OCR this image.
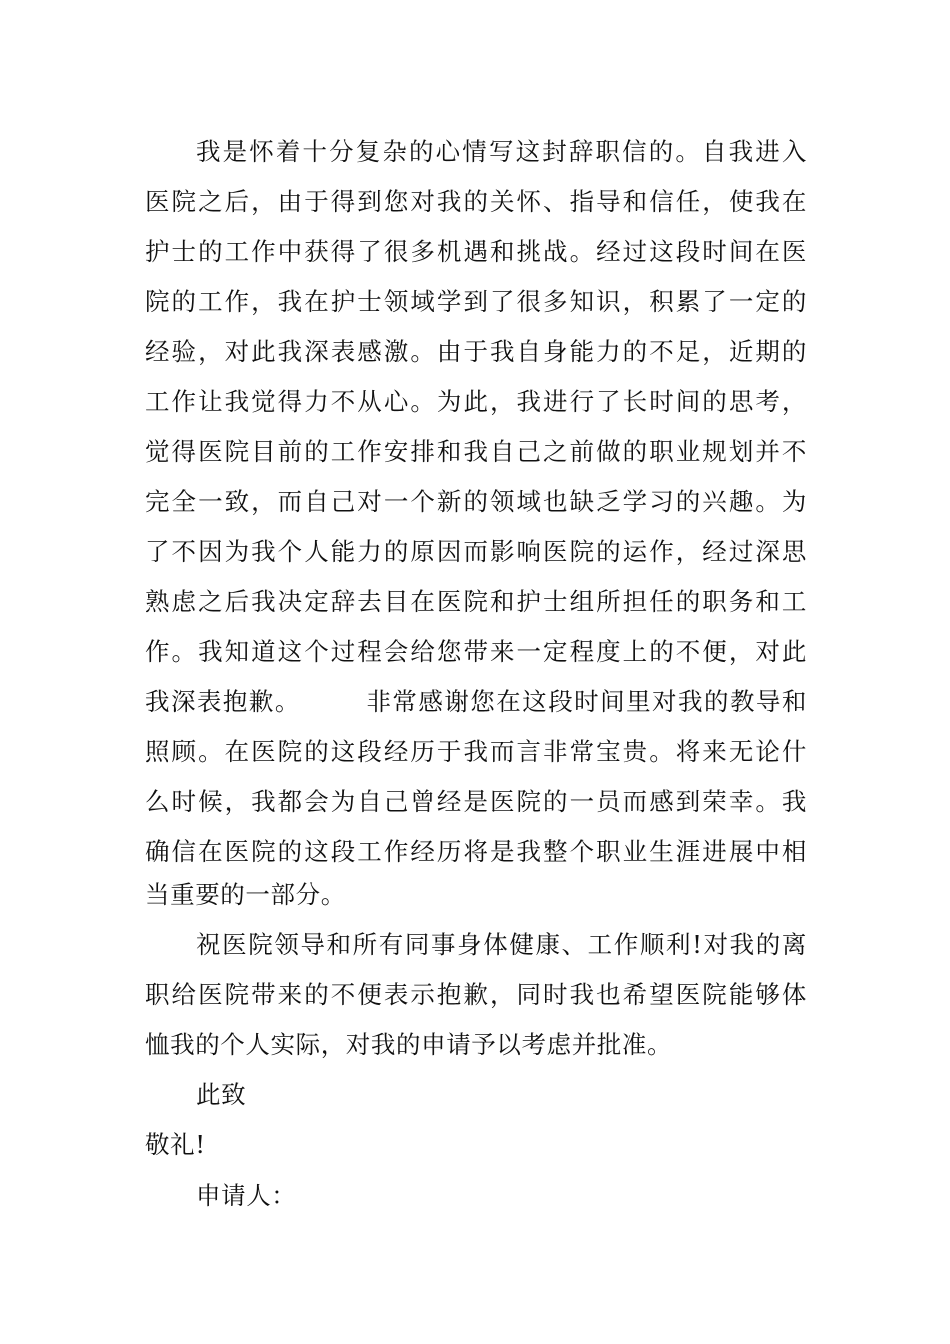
我是怀着十分复杂的心情写这封辞职信的。自我进入
医院之后，由于得到您对我的关怀、指导和信任，使我在
护士的工作中获得了很多机遇和挑战。经过这段时间在医
院的工作，我在护士领域学到了很多知识，积累了一定的
经验，对此我深表感激。由于我自身能力的不足，近期的
工作让我觉得力不从心。为此，我进行了长时间的思考，
觉得医院目前的工作安排和我自己之前做的职业规划并不
完全一致，而自己对一个新的领域也缺乏学习的兴趣。为
了不因为我个人能力的原因而影响医院的运作，经过深思
熟虑之后我决定辞去目在医院和护士组所担任的职务和工
作。我知道这个过程会给您带来一定程度上的不便，对此
我深表抱歉。　　　非常感谢您在这段时间里对我的教导和
照顾。在医院的这段经历于我而言非常宝贵。将来无论什
么时候，我都会为自己曾经是医院的一员而感到荣幸。我
确信在医院的这段工作经历将是我整个职业生涯进展中相
当重要的一部分。
祝医院领导和所有同事身体健康、工作顺利!对我的离
职给医院带来的不便表示抱歉，同时我也希望医院能够体
恤我的个人实际，对我的申请予以考虑并批准。
此致
敬礼!
申请人：
